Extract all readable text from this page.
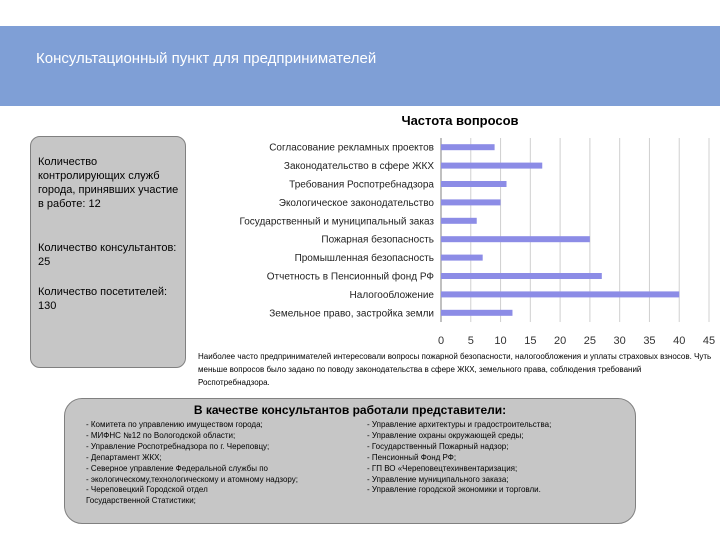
Консультационный пункт для предпринимателей
Количество контролирующих служб города, принявших участие в работе: 12
Количество консультантов: 25
Количество посетителей: 130
Частота вопросов
Согласование рекламных проектов
Законодательство в сфере ЖКХ
Требования Роспотребнадзора
Экологическое законодательство
Государственный и муниципальный заказ
Пожарная безопасность
Промышленная безопасность
Отчетность в Пенсионный фонд РФ
Налогообложение
Земельное право, застройка земли
0 5 10 15 20 25 30 35 40 45
Наиболее часто предпринимателей интересовали вопросы пожарной безопасности, налогообложения и уплаты страховых взносов. Чуть меньше вопросов было задано по поводу законодательства в сфере ЖКХ, земельного права, соблюдения требований Роспотребнадзора.
В качестве консультантов работали представители:
- Комитета по управлению имуществом города;
- МИФНС №12 по Вологодской области;
- Управление Роспотребнадзора по г. Череповцу;
- Департамент ЖКХ;
- Северное управление Федеральной службы по
- экологическому,технологическому и атомному надзору;
- Череповецкий Городской отдел
Государственной Статистики;
- Управление архитектуры и градостроительства;
- Управление охраны окружающей среды;
- Государственный Пожарный надзор;
- Пенсионный Фонд РФ;
- ГП ВО «Череповецтехинвентаризация;
- Управление муниципального заказа;
- Управление городской экономики и торговли.
